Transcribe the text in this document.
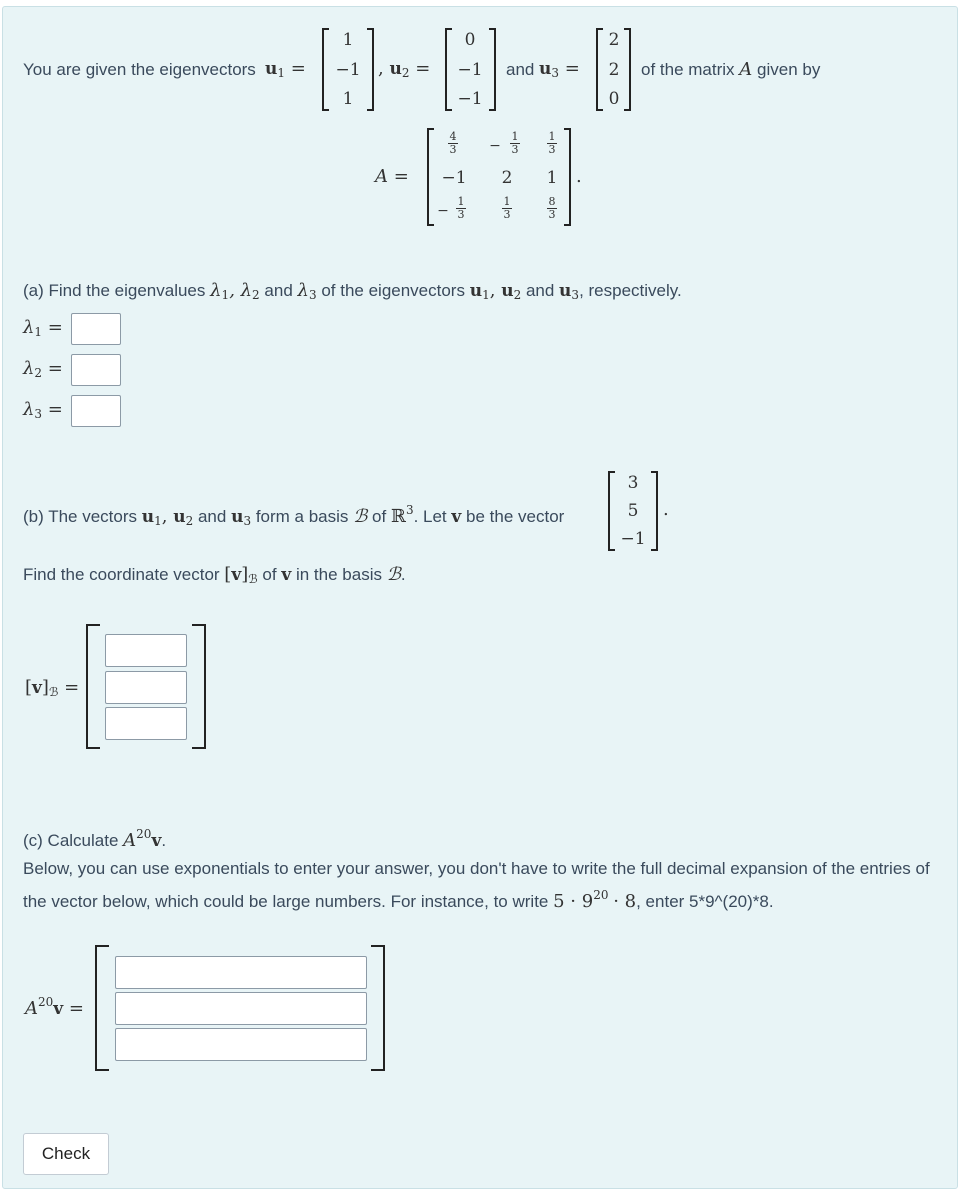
You are given the eigenvectors $u_1$ =
1
−1
1
, $u_2$ =
0
−1
−1
and $u_3$ =
2
2
0
of the matrix A given by
A =	.
4
3 −
1
3
1
3
−1	2 1
−
1
3
1
3
8
3
(a) Find the eigenvalues $\lambda_1$, $\lambda_2$ and $\lambda_3$ of the eigenvectors $u_1$, $u_2$ and $u_3$, respectively.
$\lambda_1$ =
$\lambda_2$ =
$\lambda_3$ =
(b) The vectors $u_1$, $u_2$ and $u_3$ form a basis ℬ of ℝ$^3$. Let v be the vector
3
5
−1
.
Find the coordinate vector $[v]_ℬ$ of v in the basis ℬ.
$[v]_ℬ$ =
(c) Calculate $A^{20}v$.
Below, you can use exponentials to enter your answer, you don't have to write the full decimal expansion of the entries of the vector below, which could be large numbers. For instance, to write $5 \cdot 9^{20} \cdot 8$, enter 5*9^(20)*8.
$A^{20}v$ =
Check
